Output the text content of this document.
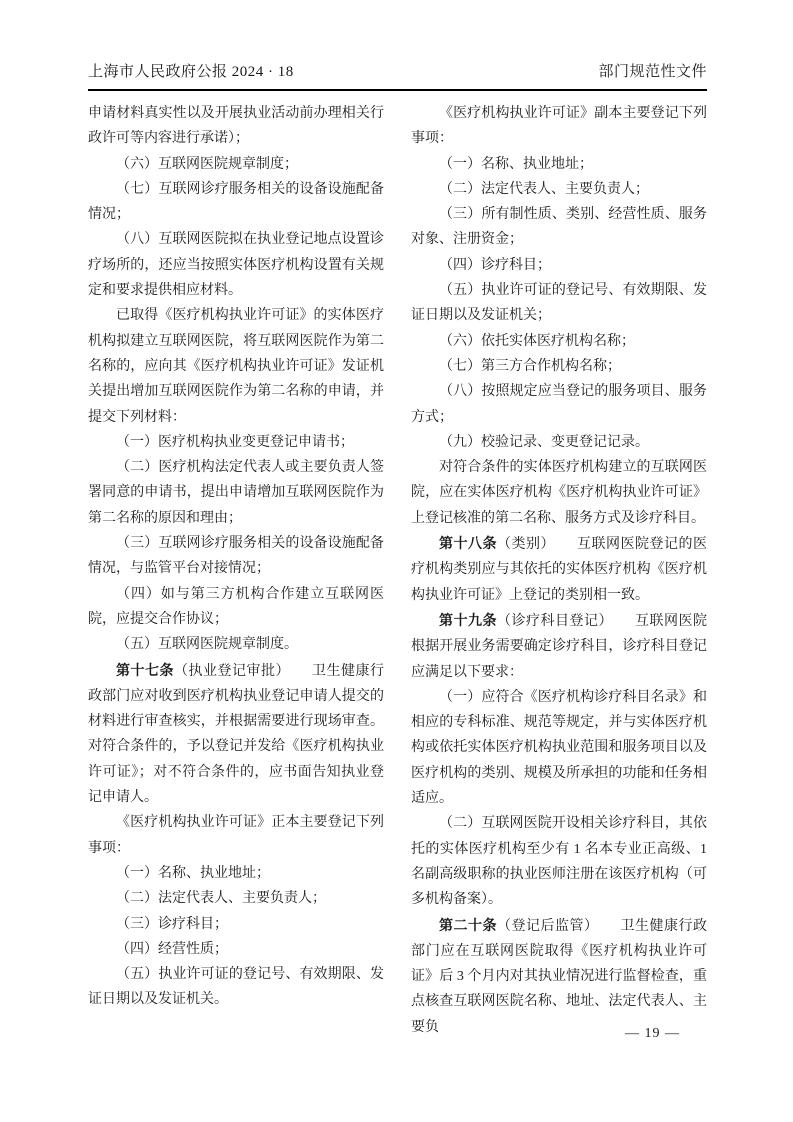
上海市人民政府公报 2024 · 18	部门规范性文件

申请材料真实性以及开展执业活动前办理相关行政许可等内容进行承诺）；

（六）互联网医院规章制度；

（七）互联网诊疗服务相关的设备设施配备情况；

（八）互联网医院拟在执业登记地点设置诊疗场所的，还应当按照实体医疗机构设置有关规定和要求提供相应材料。

已取得《医疗机构执业许可证》的实体医疗机构拟建立互联网医院，将互联网医院作为第二名称的，应向其《医疗机构执业许可证》发证机关提出增加互联网医院作为第二名称的申请，并提交下列材料：

（一）医疗机构执业变更登记申请书；

（二）医疗机构法定代表人或主要负责人签署同意的申请书，提出申请增加互联网医院作为第二名称的原因和理由；

（三）互联网诊疗服务相关的设备设施配备情况，与监管平台对接情况；

（四）如与第三方机构合作建立互联网医院，应提交合作协议；

（五）互联网医院规章制度。

第十七条（执业登记审批）　　卫生健康行政部门应对收到医疗机构执业登记申请人提交的材料进行审查核实，并根据需要进行现场审查。对符合条件的，予以登记并发给《医疗机构执业许可证》；对不符合条件的，应书面告知执业登记申请人。

《医疗机构执业许可证》正本主要登记下列事项：

（一）名称、执业地址；

（二）法定代表人、主要负责人；

（三）诊疗科目；

（四）经营性质；

（五）执业许可证的登记号、有效期限、发证日期以及发证机关。

《医疗机构执业许可证》副本主要登记下列事项：

（一）名称、执业地址；

（二）法定代表人、主要负责人；

（三）所有制性质、类别、经营性质、服务对象、注册资金；

（四）诊疗科目；

（五）执业许可证的登记号、有效期限、发证日期以及发证机关；

（六）依托实体医疗机构名称；

（七）第三方合作机构名称；

（八）按照规定应当登记的服务项目、服务方式；

（九）校验记录、变更登记记录。

对符合条件的实体医疗机构建立的互联网医院，应在实体医疗机构《医疗机构执业许可证》上登记核准的第二名称、服务方式及诊疗科目。

第十八条（类别）　　互联网医院登记的医疗机构类别应与其依托的实体医疗机构《医疗机构执业许可证》上登记的类别相一致。

第十九条（诊疗科目登记）　　互联网医院根据开展业务需要确定诊疗科目，诊疗科目登记应满足以下要求：

（一）应符合《医疗机构诊疗科目名录》和相应的专科标准、规范等规定，并与实体医疗机构或依托实体医疗机构执业范围和服务项目以及医疗机构的类别、规模及所承担的功能和任务相适应。

（二）互联网医院开设相关诊疗科目，其依托的实体医疗机构至少有 1 名本专业正高级、1 名副高级职称的执业医师注册在该医疗机构（可多机构备案）。

第二十条（登记后监管）　　卫生健康行政部门应在互联网医院取得《医疗机构执业许可证》后 3 个月内对其执业情况进行监督检查，重点核查互联网医院名称、地址、法定代表人、主要负	— 19 —
